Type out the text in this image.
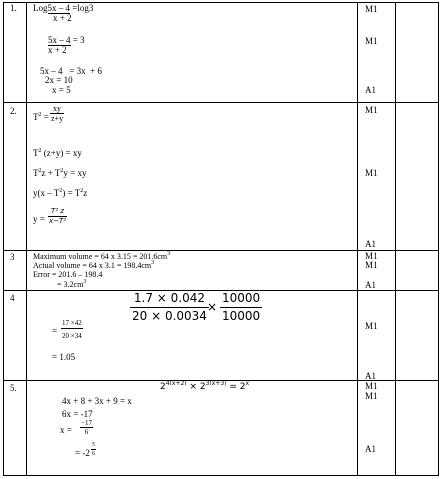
1. Log5x – 4 =log3
x + 2
5x – 4 = 3
x + 2
5x – 4   = 3x  + 6
2x = 10
x = 5
M1
M1
A1
2.
$T^2$ =
xy
z+y
$T^2$ (z+y) = xy
$T^2z + T^2y$ = xy
$y(x - T^2) = T^2z$
y =
T² z
x−T²
M1
M1
A1
3 Maximum volume = 64 x $3.15 = 201.6cm^3$
Actual volume = 64 x $3.1 = 198.4cm^3$
Error = 201.6 – 198.4
= $3.2cm^3$
M1
M1
A1
4	1.7 × 0.042
20 × 0.0034
×
10000
10000
=
17 ×42
20 ×34
= 1.05
M1
A1
5.	$2^{4(x+2)} \times 2^{3(x+3)} = 2^x$
4x + 8 + 3x + 9 = x
6x = -17
x =
−17
6
= -2
5
6
M1
M1
A1
